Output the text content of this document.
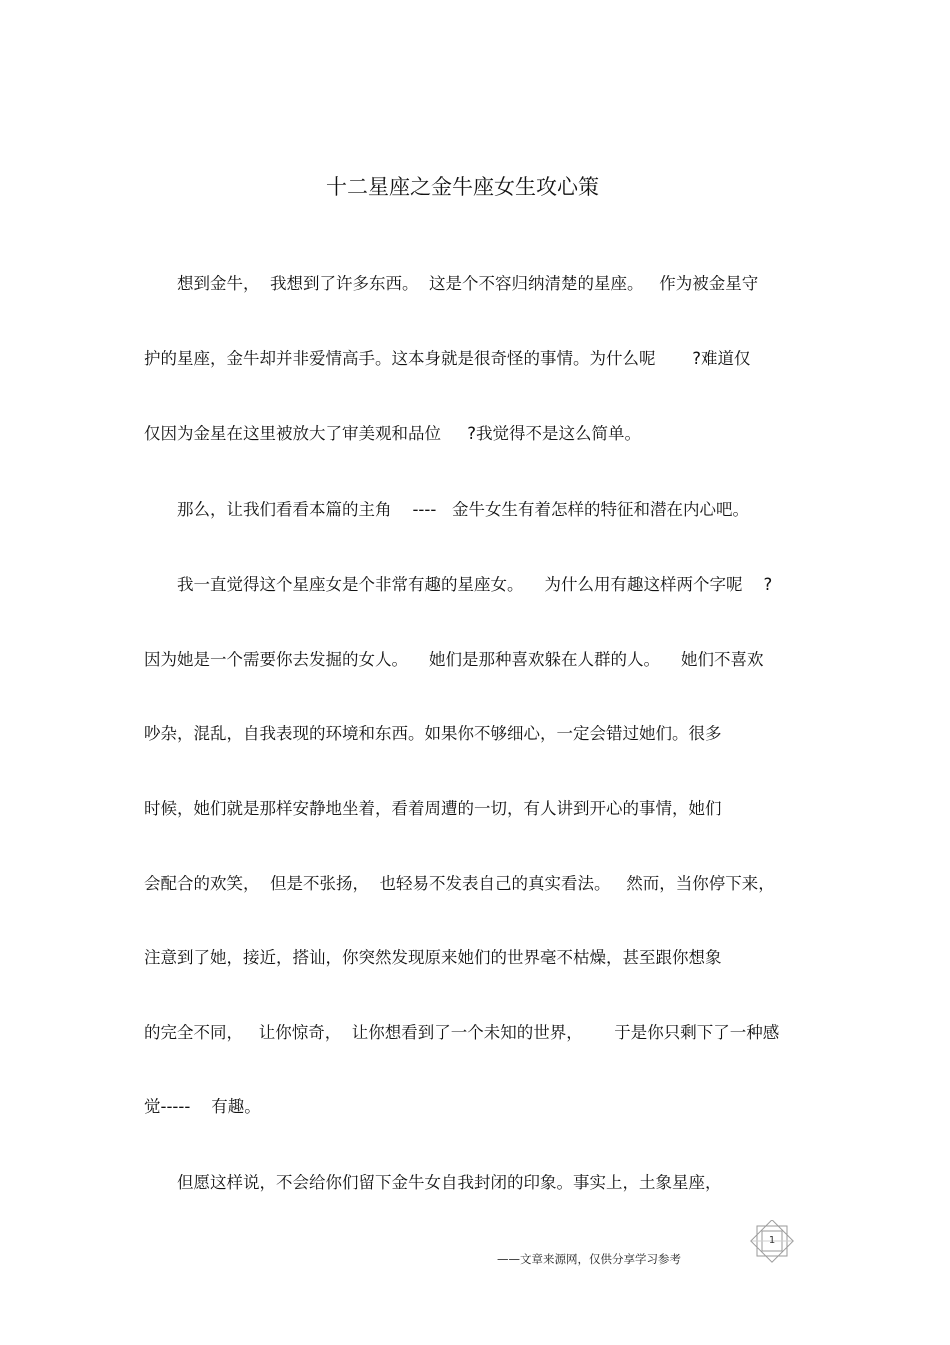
十二星座之金牛座女生攻心策
　　想到金牛，  我想到了许多东西。  这是个不容归纳清楚的星座。   作为被金星守
护的星座，金牛却并非爱情高手。这本身就是很奇怪的事情。为什么呢       ?难道仅
仅因为金星在这里被放大了审美观和品位     ?我觉得不是这么简单。
　　那么，让我们看看本篇的主角    ----   金牛女生有着怎样的特征和潜在内心吧。
　　我一直觉得这个星座女是个非常有趣的星座女。    为什么用有趣这样两个字呢    ?
因为她是一个需要你去发掘的女人。    她们是那种喜欢躲在人群的人。    她们不喜欢
吵杂，混乱，自我表现的环境和东西。如果你不够细心，一定会错过她们。很多
时候，她们就是那样安静地坐着，看着周遭的一切，有人讲到开心的事情，她们
会配合的欢笑，  但是不张扬，  也轻易不发表自己的真实看法。   然而，当你停下来，
注意到了她，接近，搭讪，你突然发现原来她们的世界毫不枯燥，甚至跟你想象
的完全不同，   让你惊奇，  让你想看到了一个未知的世界，      于是你只剩下了一种感
觉-----    有趣。
　　但愿这样说，不会给你们留下金牛女自我封闭的印象。事实上，土象星座，
1
——文章来源网，仅供分享学习参考
